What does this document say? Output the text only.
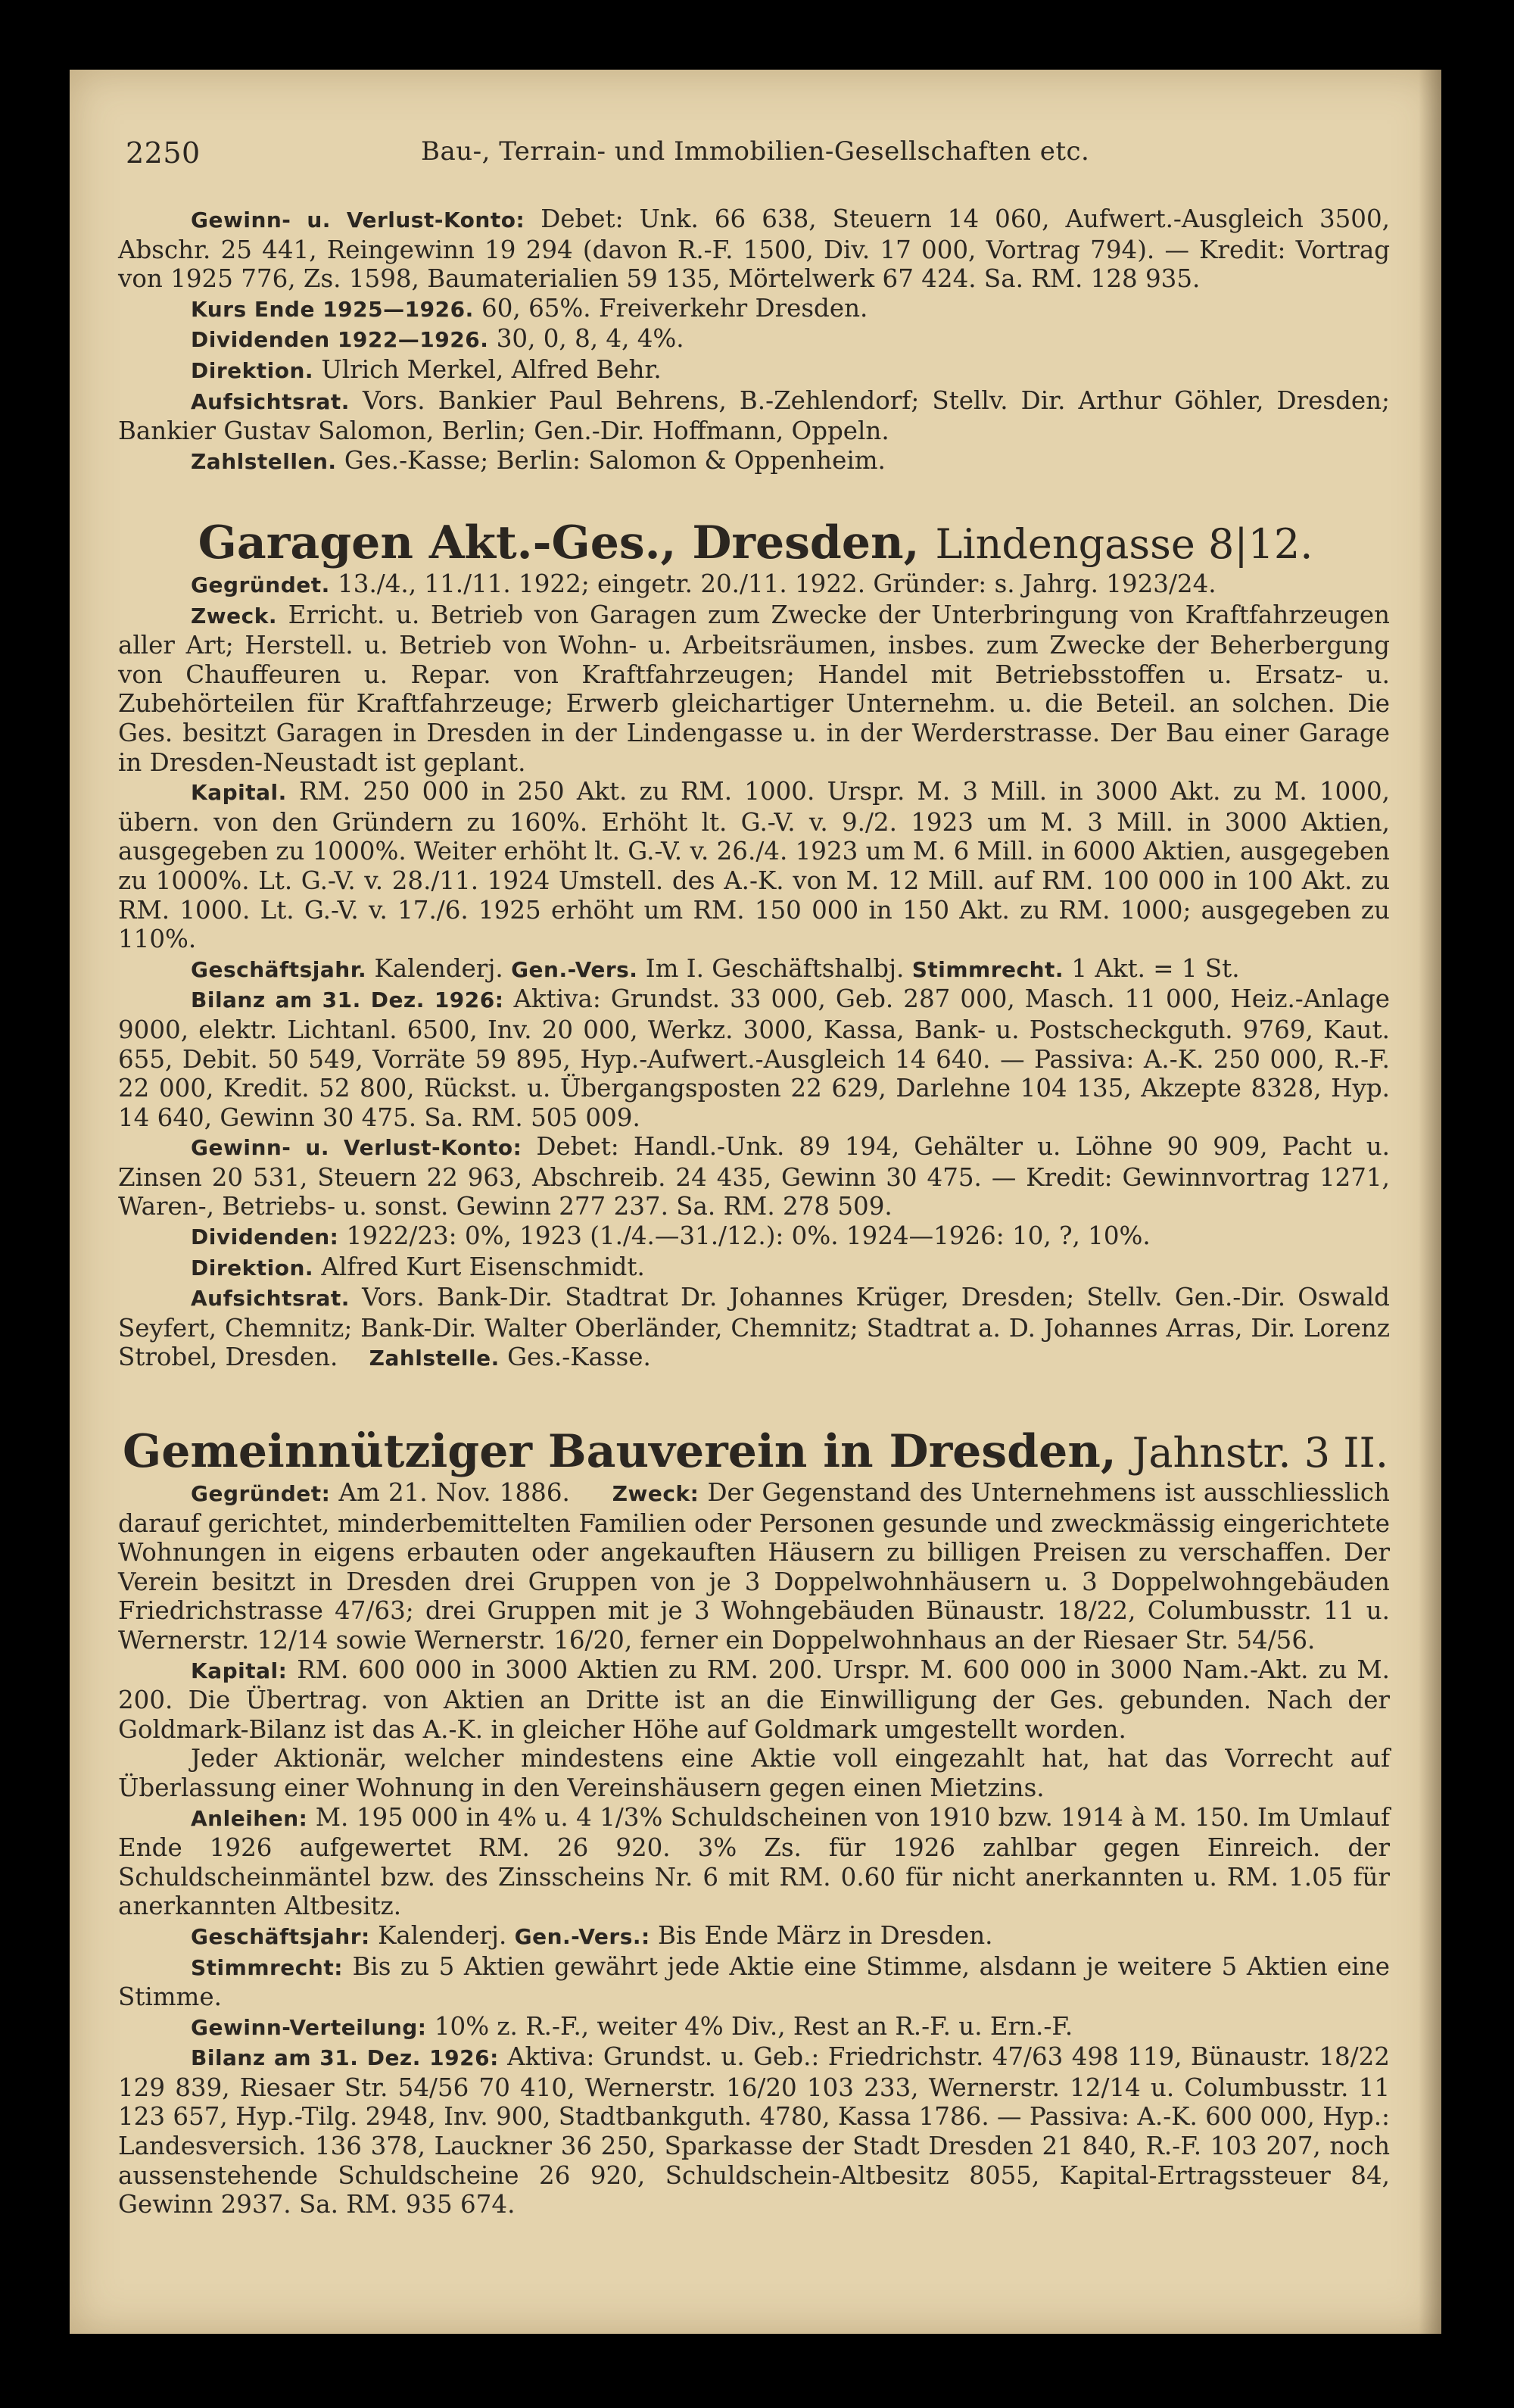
2250	Bau-, Terrain- und Immobilien-Gesellschaften etc.

Gewinn- u. Verlust-Konto: Debet: Unk. 66 638, Steuern 14 060, Aufwert.-Ausgleich 3500, Abschr. 25 441, Reingewinn 19 294 (davon R.-F. 1500, Div. 17 000, Vortrag 794). — Kredit: Vortrag von 1925 776, Zs. 1598, Baumaterialien 59 135, Mörtelwerk 67 424. Sa. RM. 128 935.

Kurs Ende 1925—1926. 60, 65%. Freiverkehr Dresden.

Dividenden 1922—1926. 30, 0, 8, 4, 4%.

Direktion. Ulrich Merkel, Alfred Behr.

Aufsichtsrat. Vors. Bankier Paul Behrens, B.-Zehlendorf; Stellv. Dir. Arthur Göhler, Dresden; Bankier Gustav Salomon, Berlin; Gen.-Dir. Hoffmann, Oppeln.

Zahlstellen. Ges.-Kasse; Berlin: Salomon & Oppenheim.

Garagen Akt.-Ges., Dresden, Lindengasse 8|12.

Gegründet. 13./4., 11./11. 1922; eingetr. 20./11. 1922. Gründer: s. Jahrg. 1923/24.

Zweck. Erricht. u. Betrieb von Garagen zum Zwecke der Unterbringung von Kraftfahrzeugen aller Art; Herstell. u. Betrieb von Wohn- u. Arbeitsräumen, insbes. zum Zwecke der Beherbergung von Chauffeuren u. Repar. von Kraftfahrzeugen; Handel mit Betriebsstoffen u. Ersatz- u. Zubehörteilen für Kraftfahrzeuge; Erwerb gleichartiger Unternehm. u. die Beteil. an solchen. Die Ges. besitzt Garagen in Dresden in der Lindengasse u. in der Werderstrasse. Der Bau einer Garage in Dresden-Neustadt ist geplant.

Kapital. RM. 250 000 in 250 Akt. zu RM. 1000. Urspr. M. 3 Mill. in 3000 Akt. zu M. 1000, übern. von den Gründern zu 160%. Erhöht lt. G.-V. v. 9./2. 1923 um M. 3 Mill. in 3000 Aktien, ausgegeben zu 1000%. Weiter erhöht lt. G.-V. v. 26./4. 1923 um M. 6 Mill. in 6000 Aktien, ausgegeben zu 1000%. Lt. G.-V. v. 28./11. 1924 Umstell. des A.-K. von M. 12 Mill. auf RM. 100 000 in 100 Akt. zu RM. 1000. Lt. G.-V. v. 17./6. 1925 erhöht um RM. 150 000 in 150 Akt. zu RM. 1000; ausgegeben zu 110%.

Geschäftsjahr. Kalenderj. Gen.-Vers. Im I. Geschäftshalbj. Stimmrecht. 1 Akt. = 1 St.

Bilanz am 31. Dez. 1926: Aktiva: Grundst. 33 000, Geb. 287 000, Masch. 11 000, Heiz.-Anlage 9000, elektr. Lichtanl. 6500, Inv. 20 000, Werkz. 3000, Kassa, Bank- u. Postscheckguth. 9769, Kaut. 655, Debit. 50 549, Vorräte 59 895, Hyp.-Aufwert.-Ausgleich 14 640. — Passiva: A.-K. 250 000, R.-F. 22 000, Kredit. 52 800, Rückst. u. Übergangsposten 22 629, Darlehne 104 135, Akzepte 8328, Hyp. 14 640, Gewinn 30 475. Sa. RM. 505 009.

Gewinn- u. Verlust-Konto: Debet: Handl.-Unk. 89 194, Gehälter u. Löhne 90 909, Pacht u. Zinsen 20 531, Steuern 22 963, Abschreib. 24 435, Gewinn 30 475. — Kredit: Gewinnvortrag 1271, Waren-, Betriebs- u. sonst. Gewinn 277 237. Sa. RM. 278 509.

Dividenden: 1922/23: 0%, 1923 (1./4.—31./12.): 0%. 1924—1926: 10, ?, 10%.

Direktion. Alfred Kurt Eisenschmidt.

Aufsichtsrat. Vors. Bank-Dir. Stadtrat Dr. Johannes Krüger, Dresden; Stellv. Gen.-Dir. Oswald Seyfert, Chemnitz; Bank-Dir. Walter Oberländer, Chemnitz; Stadtrat a. D. Johannes Arras, Dir. Lorenz Strobel, Dresden. Zahlstelle. Ges.-Kasse.

Gemeinnütziger Bauverein in Dresden, Jahnstr. 3 II.

Gegründet: Am 21. Nov. 1886. Zweck: Der Gegenstand des Unternehmens ist ausschliesslich darauf gerichtet, minderbemittelten Familien oder Personen gesunde und zweckmässig eingerichtete Wohnungen in eigens erbauten oder angekauften Häusern zu billigen Preisen zu verschaffen. Der Verein besitzt in Dresden drei Gruppen von je 3 Doppelwohnhäusern u. 3 Doppelwohngebäuden Friedrichstrasse 47/63; drei Gruppen mit je 3 Wohngebäuden Bünaustr. 18/22, Columbusstr. 11 u. Wernerstr. 12/14 sowie Wernerstr. 16/20, ferner ein Doppelwohnhaus an der Riesaer Str. 54/56.

Kapital: RM. 600 000 in 3000 Aktien zu RM. 200. Urspr. M. 600 000 in 3000 Nam.-Akt. zu M. 200. Die Übertrag. von Aktien an Dritte ist an die Einwilligung der Ges. gebunden. Nach der Goldmark-Bilanz ist das A.-K. in gleicher Höhe auf Goldmark umgestellt worden.

Jeder Aktionär, welcher mindestens eine Aktie voll eingezahlt hat, hat das Vorrecht auf Überlassung einer Wohnung in den Vereinshäusern gegen einen Mietzins.

Anleihen: M. 195 000 in 4% u. 4 1/3% Schuldscheinen von 1910 bzw. 1914 à M. 150. Im Umlauf Ende 1926 aufgewertet RM. 26 920. 3% Zs. für 1926 zahlbar gegen Einreich. der Schuldscheinmäntel bzw. des Zinsscheins Nr. 6 mit RM. 0.60 für nicht anerkannten u. RM. 1.05 für anerkannten Altbesitz.

Geschäftsjahr: Kalenderj. Gen.-Vers.: Bis Ende März in Dresden.

Stimmrecht: Bis zu 5 Aktien gewährt jede Aktie eine Stimme, alsdann je weitere 5 Aktien eine Stimme.

Gewinn-Verteilung: 10% z. R.-F., weiter 4% Div., Rest an R.-F. u. Ern.-F.

Bilanz am 31. Dez. 1926: Aktiva: Grundst. u. Geb.: Friedrichstr. 47/63 498 119, Bünaustr. 18/22 129 839, Riesaer Str. 54/56 70 410, Wernerstr. 16/20 103 233, Wernerstr. 12/14 u. Columbusstr. 11 123 657, Hyp.-Tilg. 2948, Inv. 900, Stadtbankguth. 4780, Kassa 1786. — Passiva: A.-K. 600 000, Hyp.: Landesversich. 136 378, Lauckner 36 250, Sparkasse der Stadt Dresden 21 840, R.-F. 103 207, noch aussenstehende Schuldscheine 26 920, Schuldschein-Altbesitz 8055, Kapital-Ertragssteuer 84, Gewinn 2937. Sa. RM. 935 674.
